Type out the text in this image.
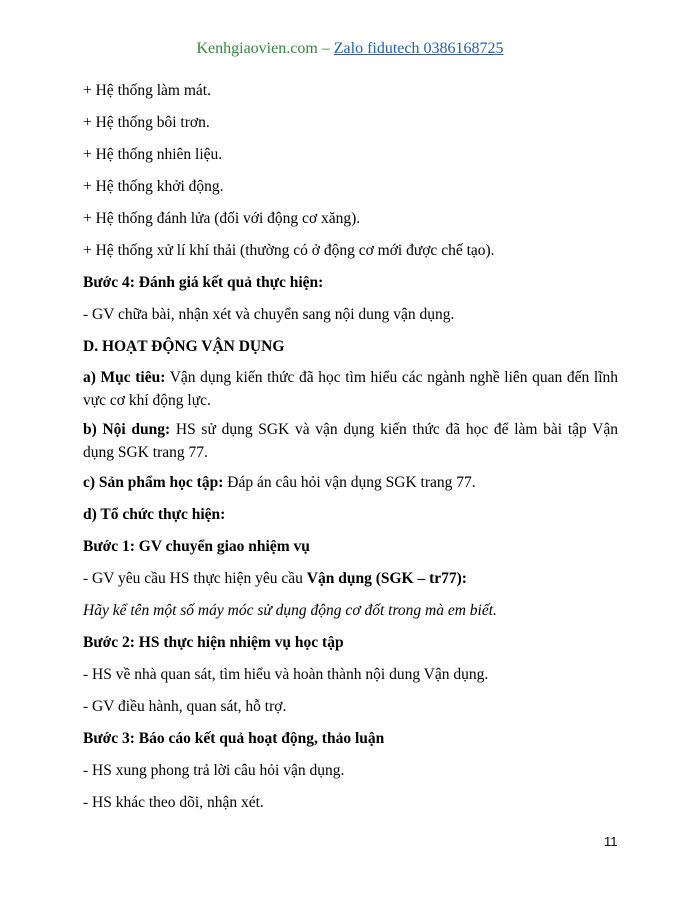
Kenhgiaovien.com – Zalo fidutech 0386168725
+ Hệ thống làm mát.
+ Hệ thống bôi trơn.
+ Hệ thống nhiên liệu.
+ Hệ thống khởi động.
+ Hệ thống đánh lửa (đối với động cơ xăng).
+ Hệ thống xử lí khí thải (thường có ở động cơ mới được chế tạo).
Bước 4: Đánh giá kết quả thực hiện:
- GV chữa bài, nhận xét và chuyển sang nội dung vận dụng.
D. HOẠT ĐỘNG VẬN DỤNG
a) Mục tiêu: Vận dụng kiến thức đã học tìm hiểu các ngành nghề liên quan đến lĩnh vực cơ khí động lực.
b) Nội dung: HS sử dụng SGK và vận dụng kiến thức đã học để làm bài tập Vận dụng SGK trang 77.
c) Sản phẩm học tập: Đáp án câu hỏi vận dụng SGK trang 77.
d) Tổ chức thực hiện:
Bước 1: GV chuyển giao nhiệm vụ
- GV yêu cầu HS thực hiện yêu cầu Vận dụng (SGK – tr77):
Hãy kể tên một số máy móc sử dụng động cơ đốt trong mà em biết.
Bước 2: HS thực hiện nhiệm vụ học tập
- HS về nhà quan sát, tìm hiểu và hoàn thành nội dung Vận dụng.
- GV điều hành, quan sát, hỗ trợ.
Bước 3: Báo cáo kết quả hoạt động, thảo luận
- HS xung phong trả lời câu hỏi vận dụng.
- HS khác theo dõi, nhận xét.
11
